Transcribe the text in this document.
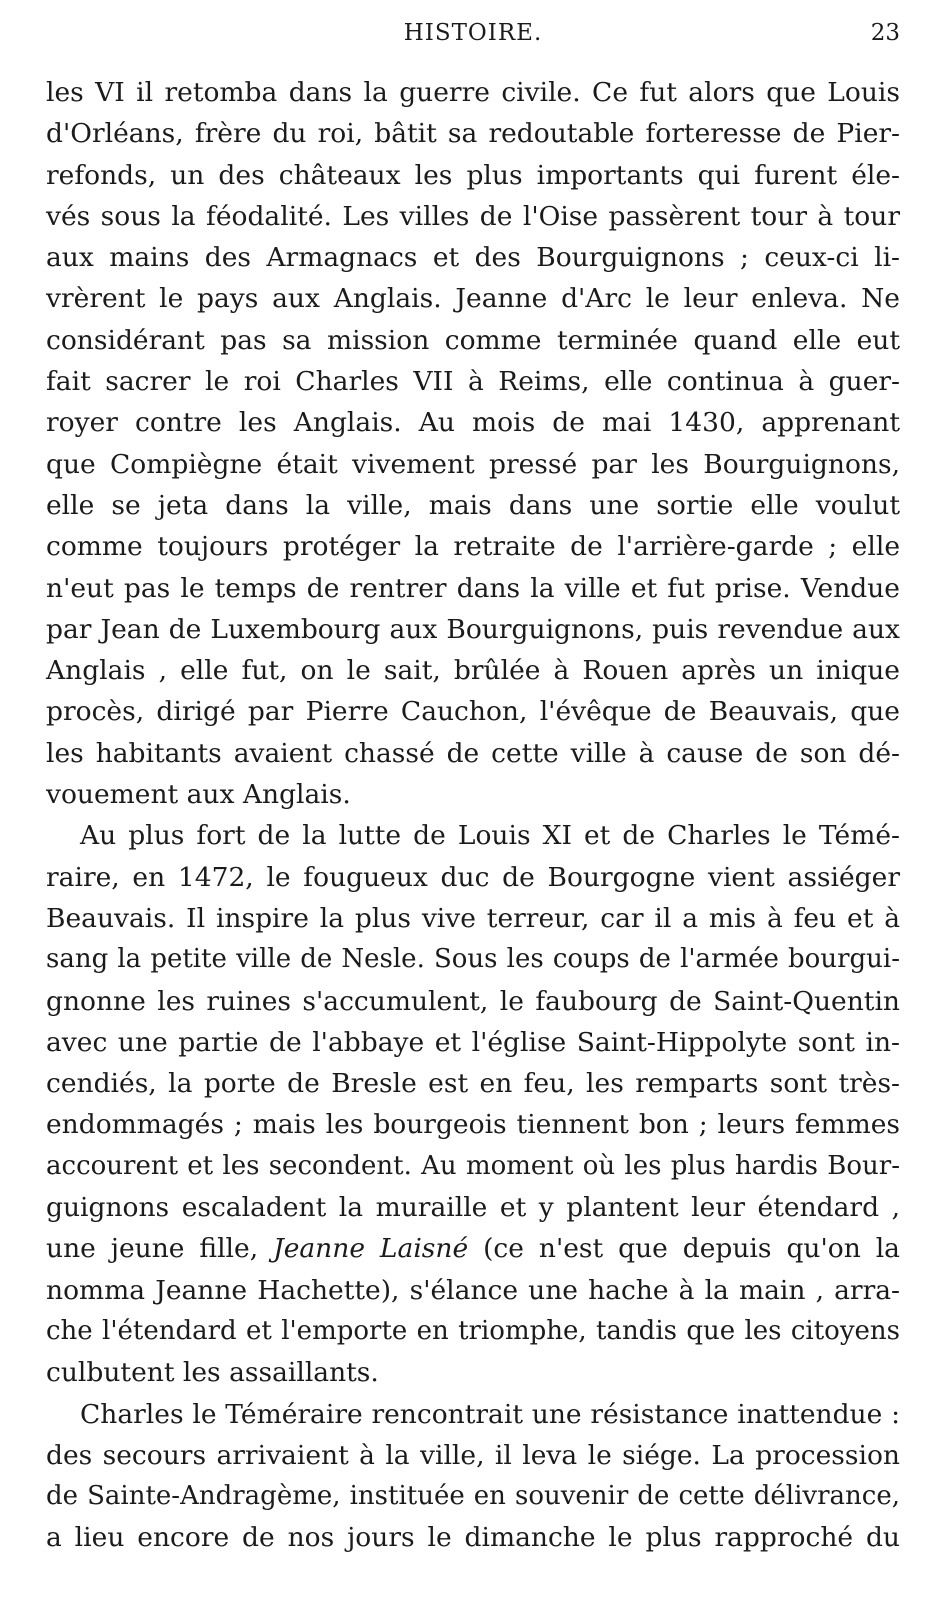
HISTOIRE.	23
les VI il retomba dans la guerre civile. Ce fut alors que Louis
d'Orléans, frère du roi, bâtit sa redoutable forteresse de Pier-
refonds, un des châteaux les plus importants qui furent éle-
vés sous la féodalité. Les villes de l'Oise passèrent tour à tour
aux mains des Armagnacs et des Bourguignons ; ceux-ci li-
vrèrent le pays aux Anglais. Jeanne d'Arc le leur enleva. Ne
considérant pas sa mission comme terminée quand elle eut
fait sacrer le roi Charles VII à Reims, elle continua à guer-
royer contre les Anglais. Au mois de mai 1430, apprenant
que Compiègne était vivement pressé par les Bourguignons,
elle se jeta dans la ville, mais dans une sortie elle voulut
comme toujours protéger la retraite de l'arrière-garde ; elle
n'eut pas le temps de rentrer dans la ville et fut prise. Vendue
par Jean de Luxembourg aux Bourguignons, puis revendue aux
Anglais , elle fut, on le sait, brûlée à Rouen après un inique
procès, dirigé par Pierre Cauchon, l'évêque de Beauvais, que
les habitants avaient chassé de cette ville à cause de son dé-
vouement aux Anglais.
Au plus fort de la lutte de Louis XI et de Charles le Témé-
raire, en 1472, le fougueux duc de Bourgogne vient assiéger
Beauvais. Il inspire la plus vive terreur, car il a mis à feu et à
sang la petite ville de Nesle. Sous les coups de l'armée bourgui-
gnonne les ruines s'accumulent, le faubourg de Saint-Quentin
avec une partie de l'abbaye et l'église Saint-Hippolyte sont in-
cendiés, la porte de Bresle est en feu, les remparts sont très-
endommagés ; mais les bourgeois tiennent bon ; leurs femmes
accourent et les secondent. Au moment où les plus hardis Bour-
guignons escaladent la muraille et y plantent leur étendard ,
une jeune fille, Jeanne Laisné (ce n'est que depuis qu'on la
nomma Jeanne Hachette), s'élance une hache à la main , arra-
che l'étendard et l'emporte en triomphe, tandis que les citoyens
culbutent les assaillants.
Charles le Téméraire rencontrait une résistance inattendue :
des secours arrivaient à la ville, il leva le siége. La procession
de Sainte-Andragème, instituée en souvenir de cette délivrance,
a lieu encore de nos jours le dimanche le plus rapproché du
